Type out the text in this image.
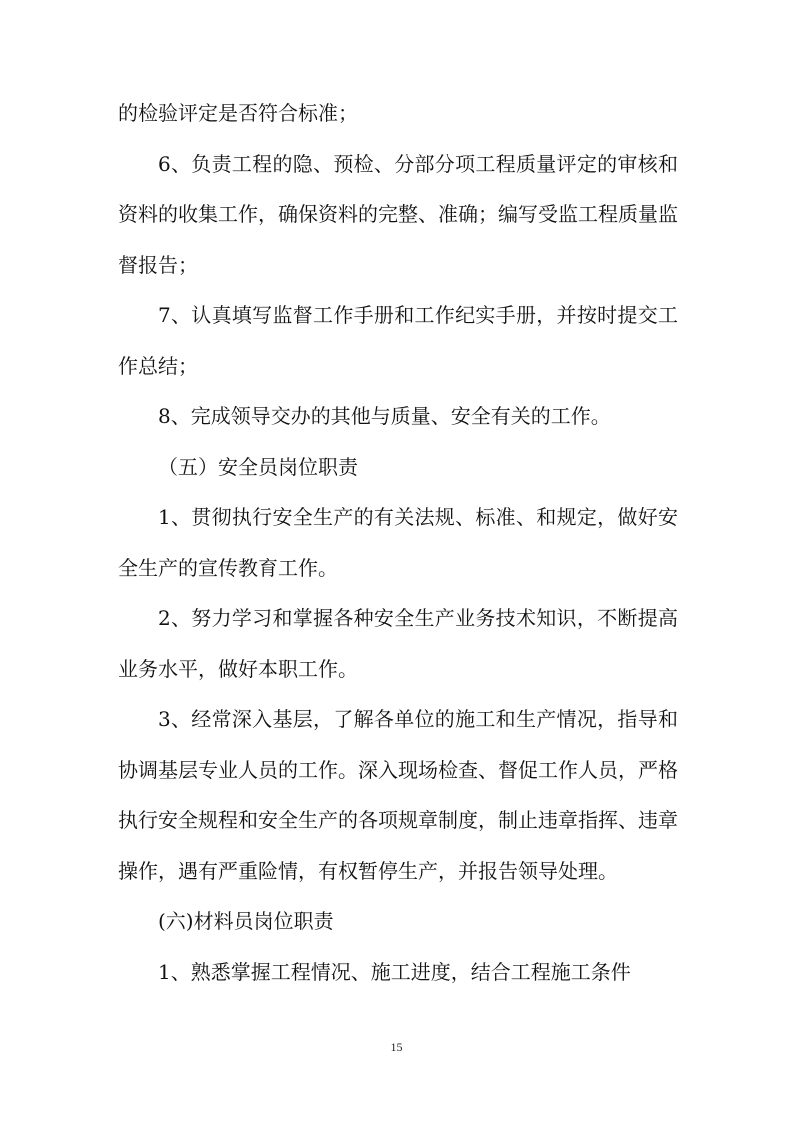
的检验评定是否符合标准；

6、负责工程的隐、预检、分部分项工程质量评定的审核和资料的收集工作，确保资料的完整、准确；编写受监工程质量监督报告；

7、认真填写监督工作手册和工作纪实手册，并按时提交工作总结；

8、完成领导交办的其他与质量、安全有关的工作。

（五）安全员岗位职责

1、贯彻执行安全生产的有关法规、标准、和规定，做好安全生产的宣传教育工作。

2、努力学习和掌握各种安全生产业务技术知识，不断提高业务水平，做好本职工作。

3、经常深入基层，了解各单位的施工和生产情况，指导和协调基层专业人员的工作。深入现场检查、督促工作人员，严格执行安全规程和安全生产的各项规章制度，制止违章指挥、违章操作，遇有严重险情，有权暂停生产，并报告领导处理。

(六)材料员岗位职责

1、熟悉掌握工程情况、施工进度，结合工程施工条件

15
